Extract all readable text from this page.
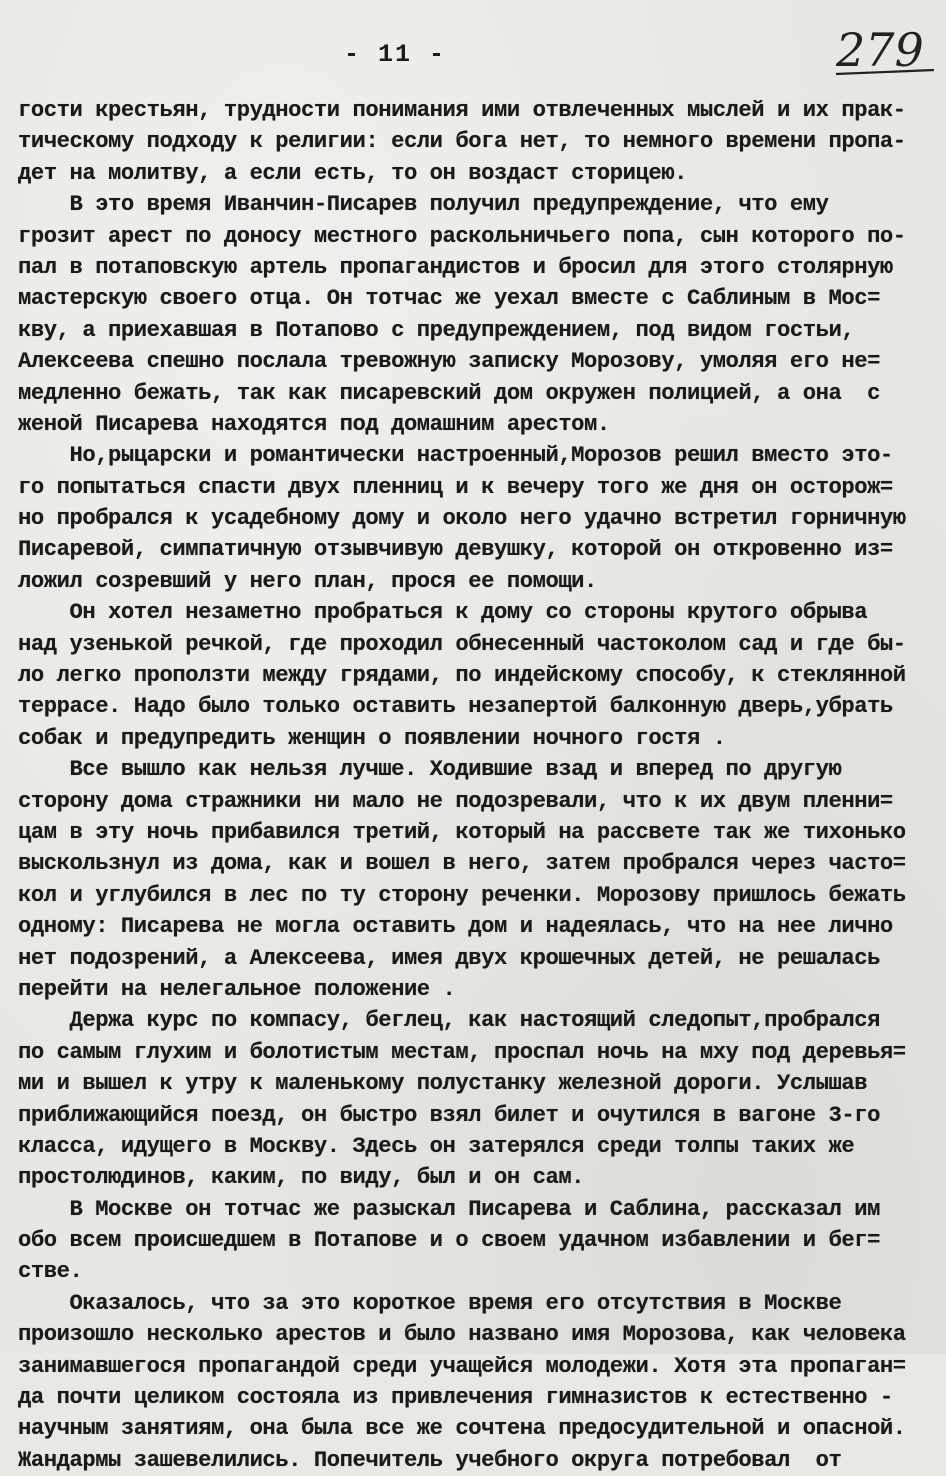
- 11 -	279
гости крестьян, трудности понимания ими отвлеченных мыслей и их прак-
тическому подходу к религии: если бога нет, то немного времени пропа-
дет на молитву, а если есть, то он воздаст сторицею.
В это время Иванчин-Писарев получил предупреждение, что ему
грозит арест по доносу местного раскольничьего попа, сын которого по-
пал в потаповскую артель пропагандистов и бросил для этого столярную
мастерскую своего отца. Он тотчас же уехал вместе с Саблиным в Мос=
кву, а приехавшая в Потапово с предупреждением, под видом гостьи,
Алексеева спешно послала тревожную записку Морозову, умоляя его не=
медленно бежать, так как писаревский дом окружен полицией, а она  с
женой Писарева находятся под домашним арестом.
Но,рыцарски и романтически настроенный,Морозов решил вместо это-
го попытаться спасти двух пленниц и к вечеру того же дня он осторож=
но пробрался к усадебному дому и около него удачно встретил горничную
Писаревой, симпатичную отзывчивую девушку, которой он откровенно из=
ложил созревший у него план, прося ее помощи.
Он хотел незаметно пробраться к дому со стороны крутого обрыва
над узенькой речкой, где проходил обнесенный частоколом сад и где бы-
ло легко проползти между грядами, по индейскому способу, к стеклянной
террасе. Надо было только оставить незапертой балконную дверь,убрать
собак и предупредить женщин о появлении ночного гостя .
Все вышло как нельзя лучше. Ходившие взад и вперед по другую
сторону дома стражники ни мало не подозревали, что к их двум пленни=
цам в эту ночь прибавился третий, который на рассвете так же тихонько
выскользнул из дома, как и вошел в него, затем пробрался через часто=
кол и углубился в лес по ту сторону реченки. Морозову пришлось бежать
одному: Писарева не могла оставить дом и надеялась, что на нее лично
нет подозрений, а Алексеева, имея двух крошечных детей, не решалась
перейти на нелегальное положение .
Держа курс по компасу, беглец, как настоящий следопыт,пробрался
по самым глухим и болотистым местам, проспал ночь на мху под деревья=
ми и вышел к утру к маленькому полустанку железной дороги. Услышав
приближающийся поезд, он быстро взял билет и очутился в вагоне 3-го
класса, идущего в Москву. Здесь он затерялся среди толпы таких же
простолюдинов, каким, по виду, был и он сам.
В Москве он тотчас же разыскал Писарева и Саблина, рассказал им
обо всем происшедшем в Потапове и о своем удачном избавлении и бег=
стве.
Оказалось, что за это короткое время его отсутствия в Москве
произошло несколько арестов и было названо имя Морозова, как человека
занимавшегося пропагандой среди учащейся молодежи. Хотя эта пропаган=
да почти целиком состояла из привлечения гимназистов к естественно -
научным занятиям, она была все же сочтена предосудительной и опасной.
Жандармы зашевелились. Попечитель учебного округа потребовал  от
